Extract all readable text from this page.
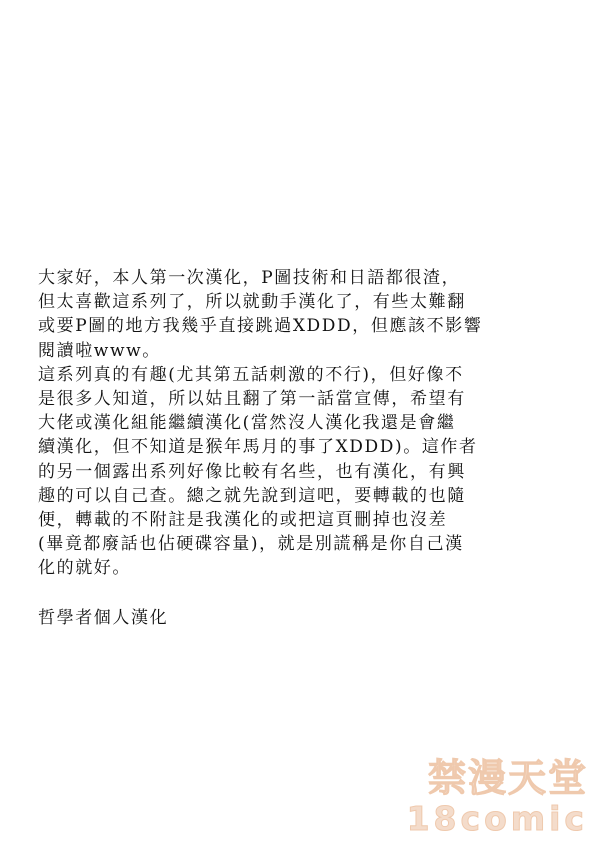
大家好，本人第一次漢化，P圖技術和日語都很渣，
但太喜歡這系列了，所以就動手漢化了，有些太難翻
或要P圖的地方我幾乎直接跳過XDDD，但應該不影響
閱讀啦www。

這系列真的有趣(尤其第五話刺激的不行)，但好像不
是很多人知道，所以姑且翻了第一話當宣傳，希望有
大佬或漢化組能繼續漢化(當然沒人漢化我還是會繼
續漢化，但不知道是猴年馬月的事了XDDD)。這作者
的另一個露出系列好像比較有名些，也有漢化，有興
趣的可以自己查。總之就先說到這吧，要轉載的也隨
便，轉載的不附註是我漢化的或把這頁刪掉也沒差
(畢竟都廢話也佔硬碟容量)，就是別謊稱是你自己漢
化的就好。

哲學者個人漢化
禁漫天堂
18comic
